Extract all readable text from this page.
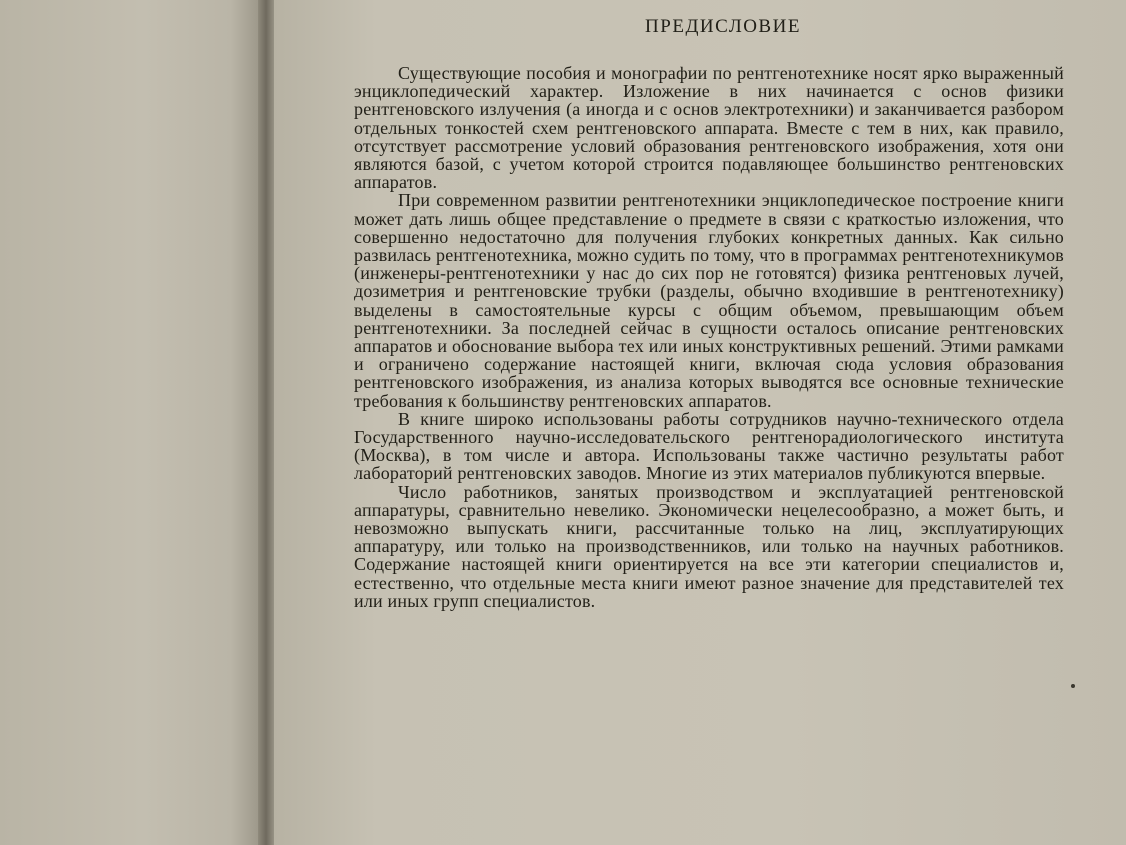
ПРЕДИСЛОВИЕ

Существующие пособия и монографии по рентгенотехнике носят ярко выраженный энциклопедический характер. Изложение в них начинается с основ физики рентгеновского излучения (а иногда и с основ электротехники) и заканчивается разбором отдельных тонкостей схем рентгеновского аппарата. Вместе с тем в них, как правило, отсутствует рассмотрение условий образования рентгеновского изображения, хотя они являются базой, с учетом которой строится подавляющее большинство рентгеновских аппаратов.

При современном развитии рентгенотехники энциклопедическое построение книги может дать лишь общее представление о предмете в связи с краткостью изложения, что совершенно недостаточно для получения глубоких конкретных данных. Как сильно развилась рентгенотехника, можно судить по тому, что в программах рентгенотехникумов (инженеры-рентгенотехники у нас до сих пор не готовятся) физика рентгеновых лучей, дозиметрия и рентгеновские трубки (разделы, обычно входившие в рентгенотехнику) выделены в самостоятельные курсы с общим объемом, превышающим объем рентгенотехники. За последней сейчас в сущности осталось описание рентгеновских аппаратов и обоснование выбора тех или иных конструктивных решений. Этими рамками и ограничено содержание настоящей книги, включая сюда условия образования рентгеновского изображения, из анализа которых выводятся все основные технические требования к большинству рентгеновских аппаратов.

В книге широко использованы работы сотрудников научно-технического отдела Государственного научно-исследовательского рентгенорадиологического института (Москва), в том числе и автора. Использованы также частично результаты работ лабораторий рентгеновских заводов. Многие из этих материалов публикуются впервые.

Число работников, занятых производством и эксплуатацией рентгеновской аппаратуры, сравнительно невелико. Экономически нецелесообразно, а может быть, и невозможно выпускать книги, рассчитанные только на лиц, эксплуатирующих аппаратуру, или только на производственников, или только на научных работников. Содержание настоящей книги ориентируется на все эти категории специалистов и, естественно, что отдельные места книги имеют разное значение для представителей тех или иных групп специалистов.
